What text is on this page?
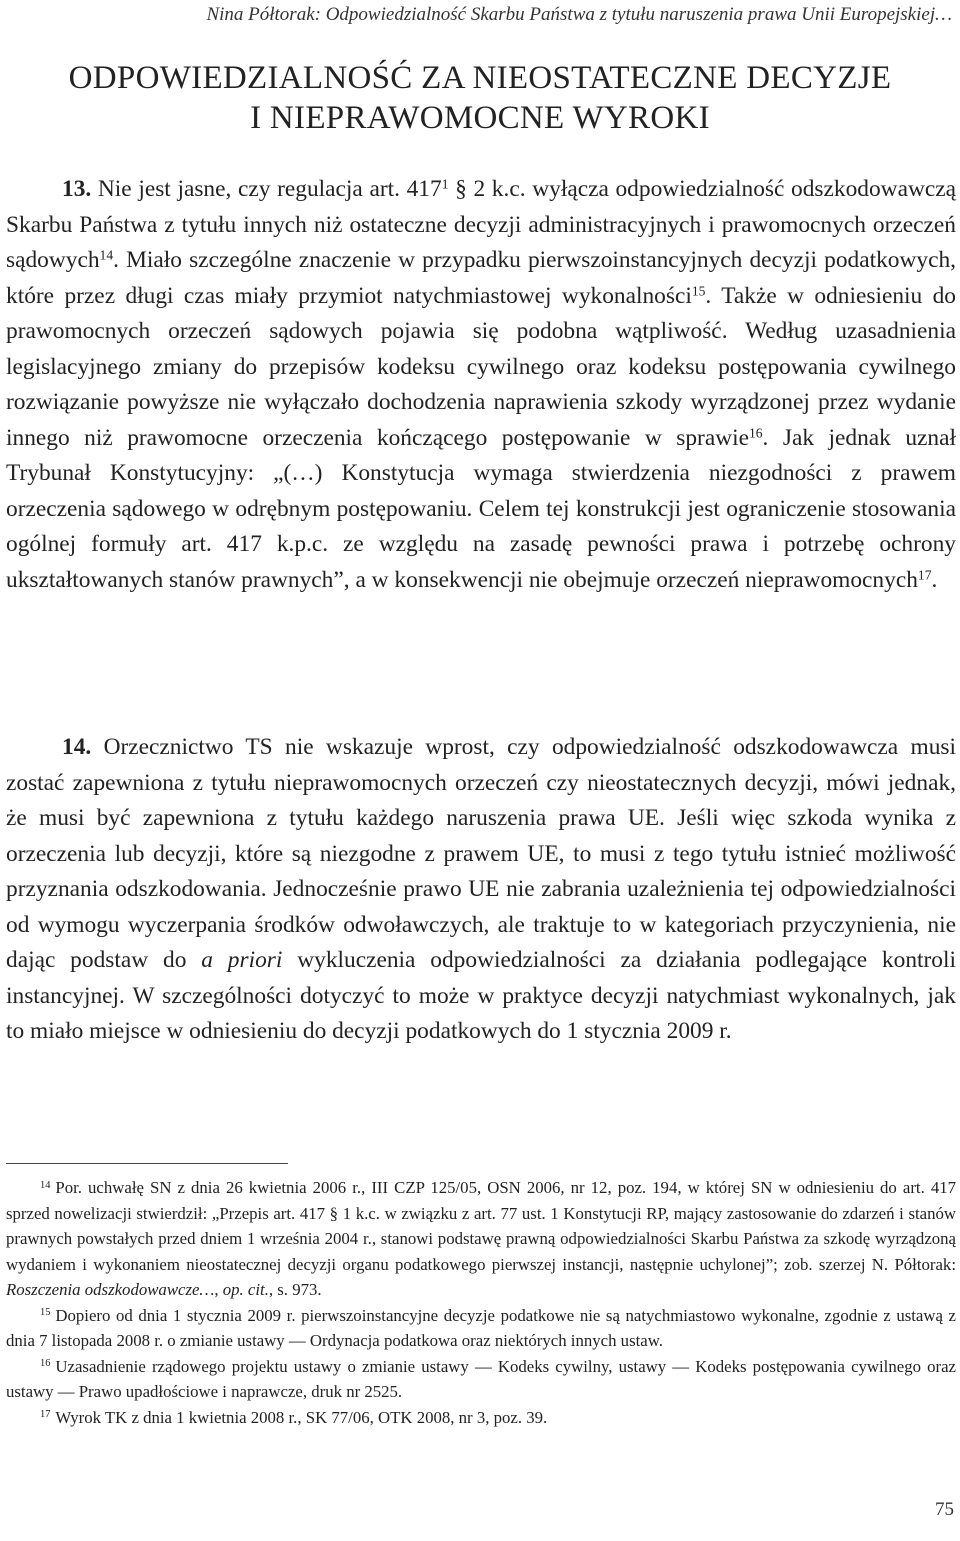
Nina Półtorak: Odpowiedzialność Skarbu Państwa z tytułu naruszenia prawa Unii Europejskiej…
ODPOWIEDZIALNOŚĆ ZA NIEOSTATECZNE DECYZJE
I NIEPRAWOMOCNE WYROKI
13. Nie jest jasne, czy regulacja art. $417^1$ § 2 k.c. wyłącza odpowiedzialność odszkodowawczą Skarbu Państwa z tytułu innych niż ostateczne decyzji administracyjnych i prawomocnych orzeczeń sądowych$^{14}$. Miało szczególne znaczenie w przypadku pierwszoinstancyjnych decyzji podatkowych, które przez długi czas miały przymiot natychmiastowej wykonalności$^{15}$. Także w odniesieniu do prawomocnych orzeczeń sądowych pojawia się podobna wątpliwość. Według uzasadnienia legislacyjnego zmiany do przepisów kodeksu cywilnego oraz kodeksu postępowania cywilnego rozwiązanie powyższe nie wyłączało dochodzenia naprawienia szkody wyrządzonej przez wydanie innego niż prawomocne orzeczenia kończącego postępowanie w sprawie$^{16}$. Jak jednak uznał Trybunał Konstytucyjny: „(…) Konstytucja wymaga stwierdzenia niezgodności z prawem orzeczenia sądowego w odrębnym postępowaniu. Celem tej konstrukcji jest ograniczenie stosowania ogólnej formuły art. 417 k.p.c. ze względu na zasadę pewności prawa i potrzebę ochrony ukształtowanych stanów prawnych”, a w konsekwencji nie obejmuje orzeczeń nieprawomocnych$^{17}$.
14. Orzecznictwo TS nie wskazuje wprost, czy odpowiedzialność odszkodowawcza musi zostać zapewniona z tytułu nieprawomocnych orzeczeń czy nieostatecznych decyzji, mówi jednak, że musi być zapewniona z tytułu każdego naruszenia prawa UE. Jeśli więc szkoda wynika z orzeczenia lub decyzji, które są niezgodne z prawem UE, to musi z tego tytułu istnieć możliwość przyznania odszkodowania. Jednocześnie prawo UE nie zabrania uzależnienia tej odpowiedzialności od wymogu wyczerpania środków odwoławczych, ale traktuje to w kategoriach przyczynienia, nie dając podstaw do a priori wykluczenia odpowiedzialności za działania podlegające kontroli instancyjnej. W szczególności dotyczyć to może w praktyce decyzji natychmiast wykonalnych, jak to miało miejsce w odniesieniu do decyzji podatkowych do 1 stycznia 2009 r.

$^{14}$ Por. uchwałę SN z dnia 26 kwietnia 2006 r., III CZP 125/05, OSN 2006, nr 12, poz. 194, w której SN w odniesieniu do art. 417 sprzed nowelizacji stwierdził: „Przepis art. 417 § 1 k.c. w związku z art. 77 ust. 1 Konstytucji RP, mający zastosowanie do zdarzeń i stanów prawnych powstałych przed dniem 1 września 2004 r., stanowi podstawę prawną odpowiedzialności Skarbu Państwa za szkodę wyrządzoną wydaniem i wykonaniem nieostatecznej decyzji organu podatkowego pierwszej instancji, następnie uchylonej”; zob. szerzej N. Półtorak: Roszczenia odszkodowawcze…, op. cit., s. 973.

$^{15}$ Dopiero od dnia 1 stycznia 2009 r. pierwszoinstancyjne decyzje podatkowe nie są natychmiastowo wykonalne, zgodnie z ustawą z dnia 7 listopada 2008 r. o zmianie ustawy — Ordynacja podatkowa oraz niektórych innych ustaw.

$^{16}$ Uzasadnienie rządowego projektu ustawy o zmianie ustawy — Kodeks cywilny, ustawy — Kodeks postępowania cywilnego oraz ustawy — Prawo upadłościowe i naprawcze, druk nr 2525.

$^{17}$ Wyrok TK z dnia 1 kwietnia 2008 r., SK 77/06, OTK 2008, nr 3, poz. 39.

75
